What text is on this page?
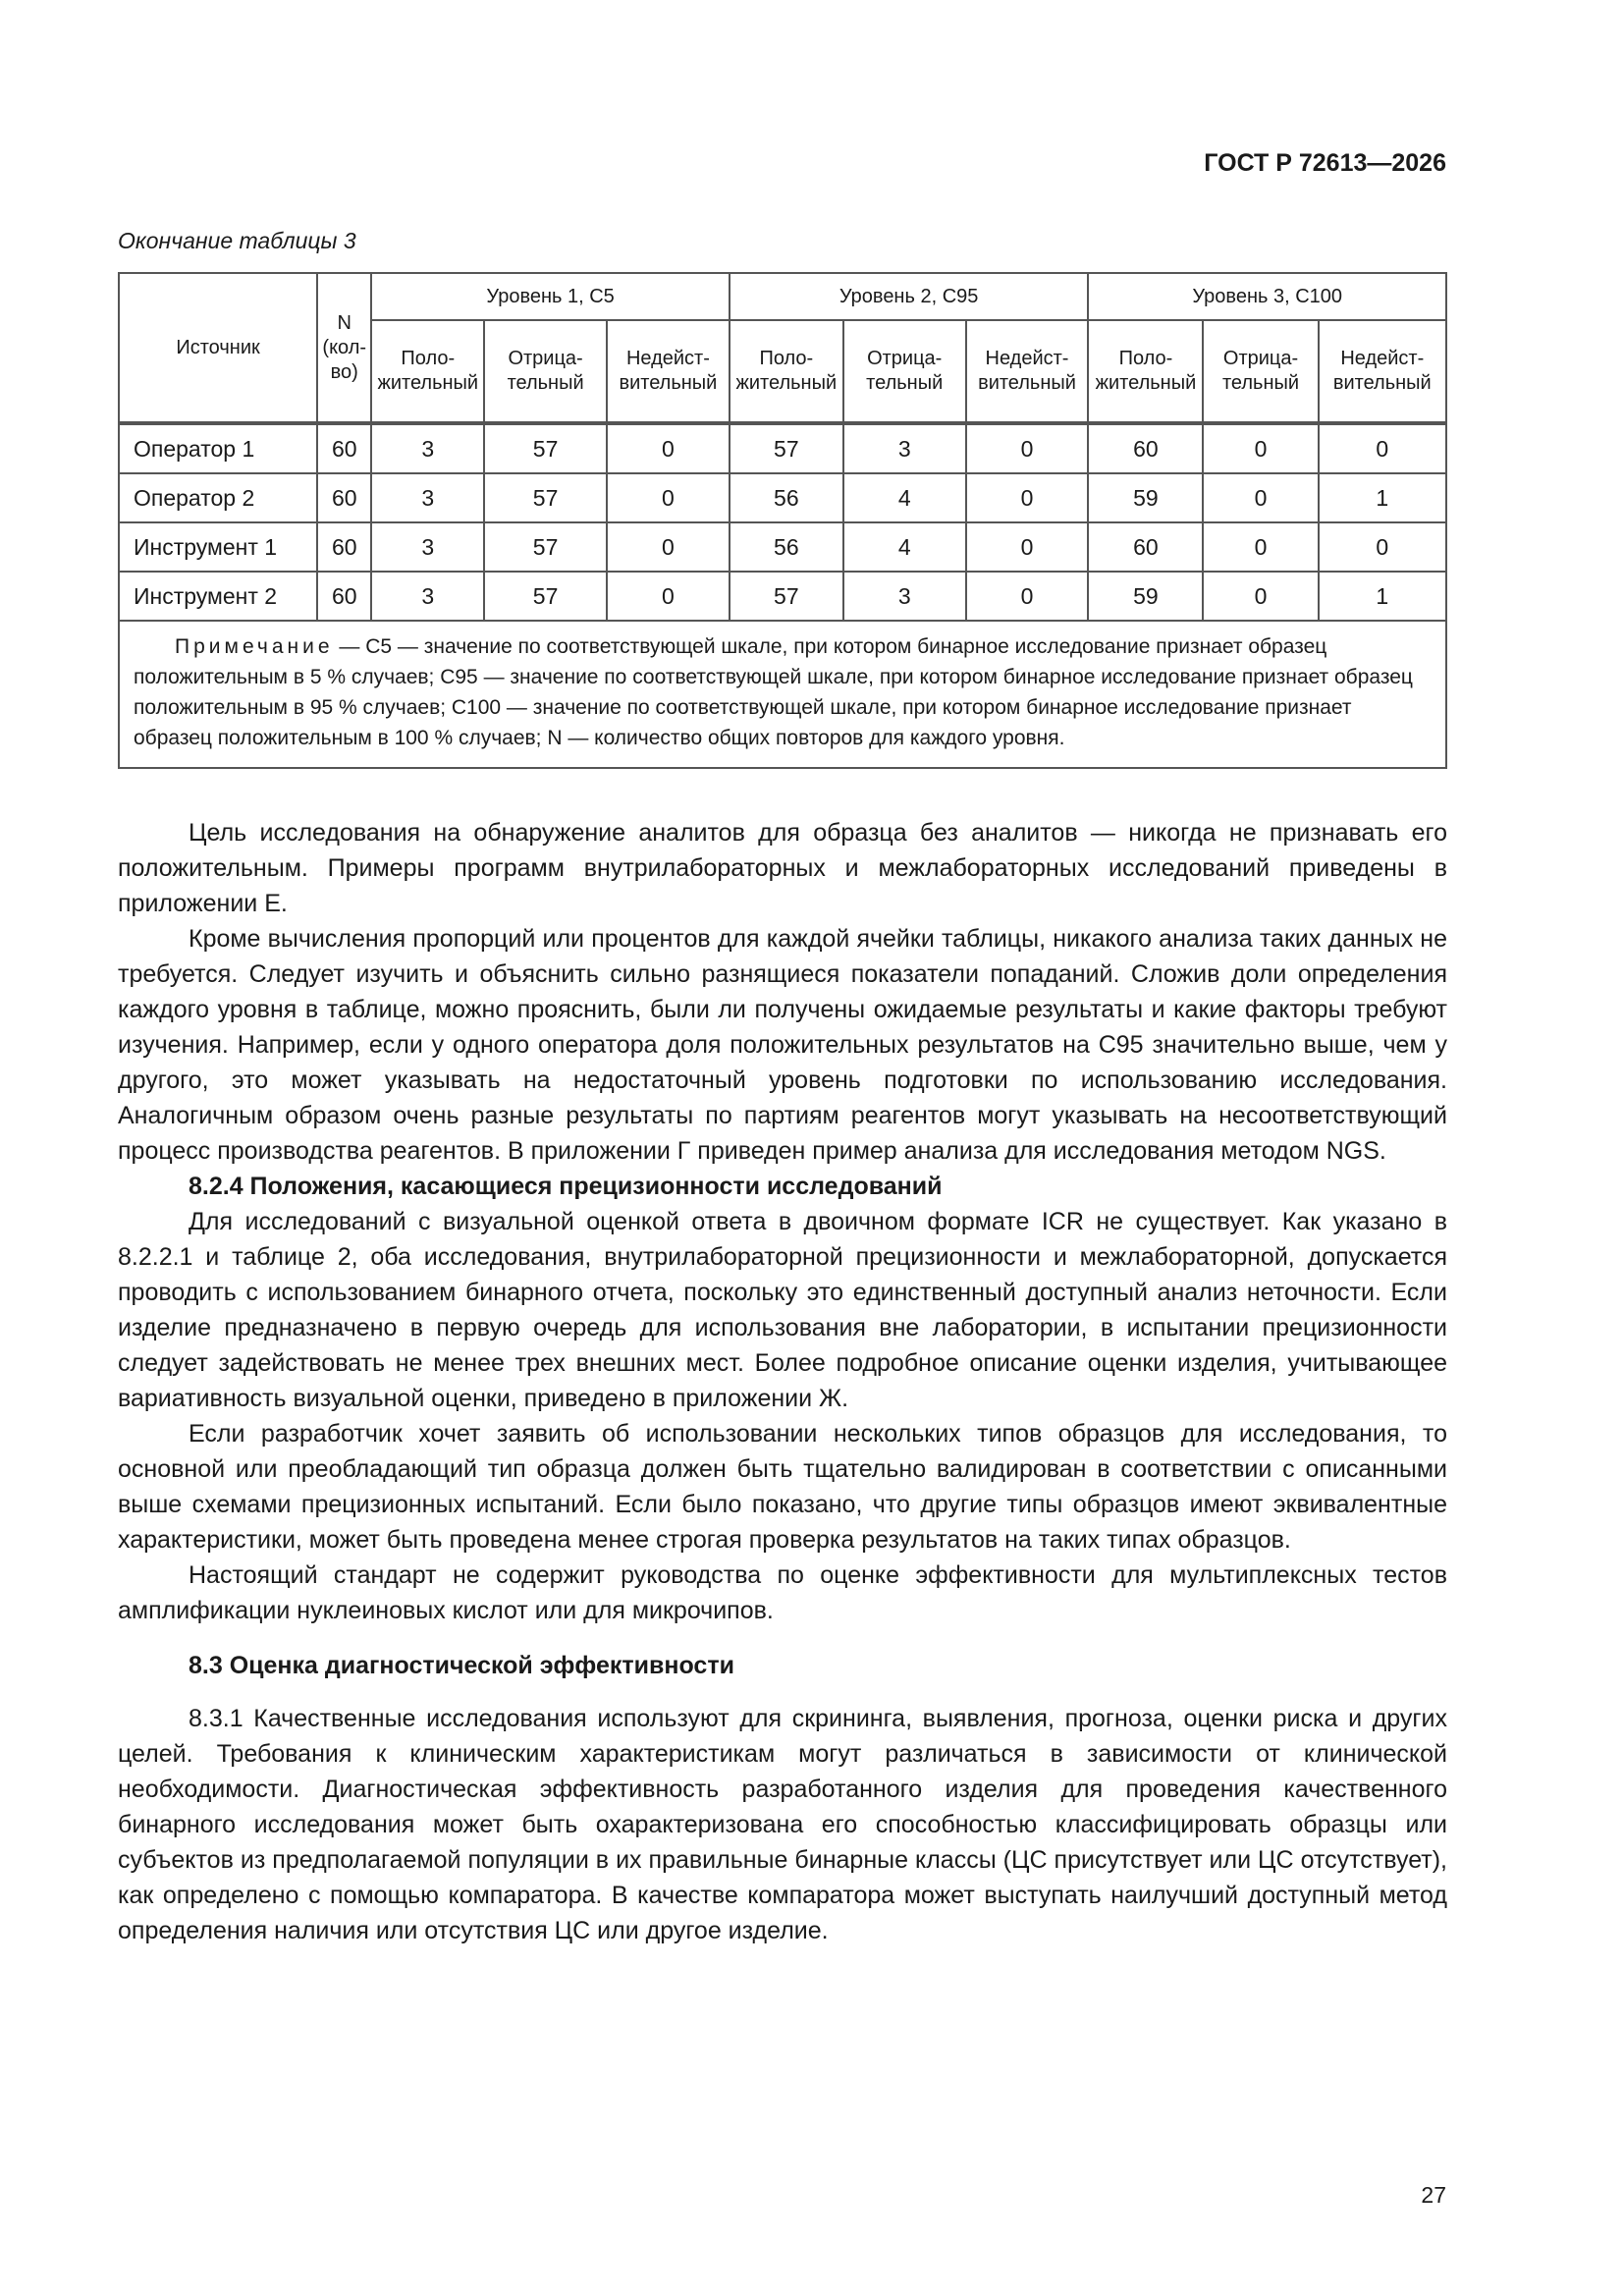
ГОСТ Р 72613—2026
Окончание таблицы 3
Источник	N (кол-во)	Уровень 1, С5			Уровень 2, С95			Уровень 3, С100		
		Поло-жительный	Отрица-тельный	Недейст-вительный	Поло-жительный	Отрица-тельный	Недейст-вительный	Поло-жительный	Отрица-тельный	Недейст-вительный
Оператор 1	60	3	57	0	57	3	0	60	0	0
Оператор 2	60	3	57	0	56	4	0	59	0	1
Инструмент 1	60	3	57	0	56	4	0	60	0	0
Инструмент 2	60	3	57	0	57	3	0	59	0	1
Примечание — С5 — значение по соответствующей шкале, при котором бинарное исследование признает образец положительным в 5 % случаев; С95 — значение по соответствующей шкале, при котором бинарное исследование признает образец положительным в 95 % случаев; С100 — значение по соответствующей шкале, при котором бинарное исследование признает образец положительным в 100 % случаев; N — количество общих повторов для каждого уровня.										

Цель исследования на обнаружение аналитов для образца без аналитов — никогда не признавать его положительным. Примеры программ внутрилабораторных и межлабораторных исследований приведены в приложении Е.

Кроме вычисления пропорций или процентов для каждой ячейки таблицы, никакого анализа таких данных не требуется. Следует изучить и объяснить сильно разнящиеся показатели попаданий. Сложив доли определения каждого уровня в таблице, можно прояснить, были ли получены ожидаемые результаты и какие факторы требуют изучения. Например, если у одного оператора доля положительных результатов на С95 значительно выше, чем у другого, это может указывать на недостаточный уровень подготовки по использованию исследования. Аналогичным образом очень разные результаты по партиям реагентов могут указывать на несоответствующий процесс производства реагентов. В приложении Г приведен пример анализа для исследования методом NGS.

8.2.4 Положения, касающиеся прецизионности исследований

Для исследований с визуальной оценкой ответа в двоичном формате ICR не существует. Как указано в 8.2.2.1 и таблице 2, оба исследования, внутрилабораторной прецизионности и межлабораторной, допускается проводить с использованием бинарного отчета, поскольку это единственный доступный анализ неточности. Если изделие предназначено в первую очередь для использования вне лаборатории, в испытании прецизионности следует задействовать не менее трех внешних мест. Более подробное описание оценки изделия, учитывающее вариативность визуальной оценки, приведено в приложении Ж.

Если разработчик хочет заявить об использовании нескольких типов образцов для исследования, то основной или преобладающий тип образца должен быть тщательно валидирован в соответствии с описанными выше схемами прецизионных испытаний. Если было показано, что другие типы образцов имеют эквивалентные характеристики, может быть проведена менее строгая проверка результатов на таких типах образцов.

Настоящий стандарт не содержит руководства по оценке эффективности для мультиплексных тестов амплификации нуклеиновых кислот или для микрочипов.

8.3 Оценка диагностической эффективности

8.3.1 Качественные исследования используют для скрининга, выявления, прогноза, оценки риска и других целей. Требования к клиническим характеристикам могут различаться в зависимости от клинической необходимости. Диагностическая эффективность разработанного изделия для проведения качественного бинарного исследования может быть охарактеризована его способностью классифицировать образцы или субъектов из предполагаемой популяции в их правильные бинарные классы (ЦС присутствует или ЦС отсутствует), как определено с помощью компаратора. В качестве компаратора может выступать наилучший доступный метод определения наличия или отсутствия ЦС или другое изделие.

27
